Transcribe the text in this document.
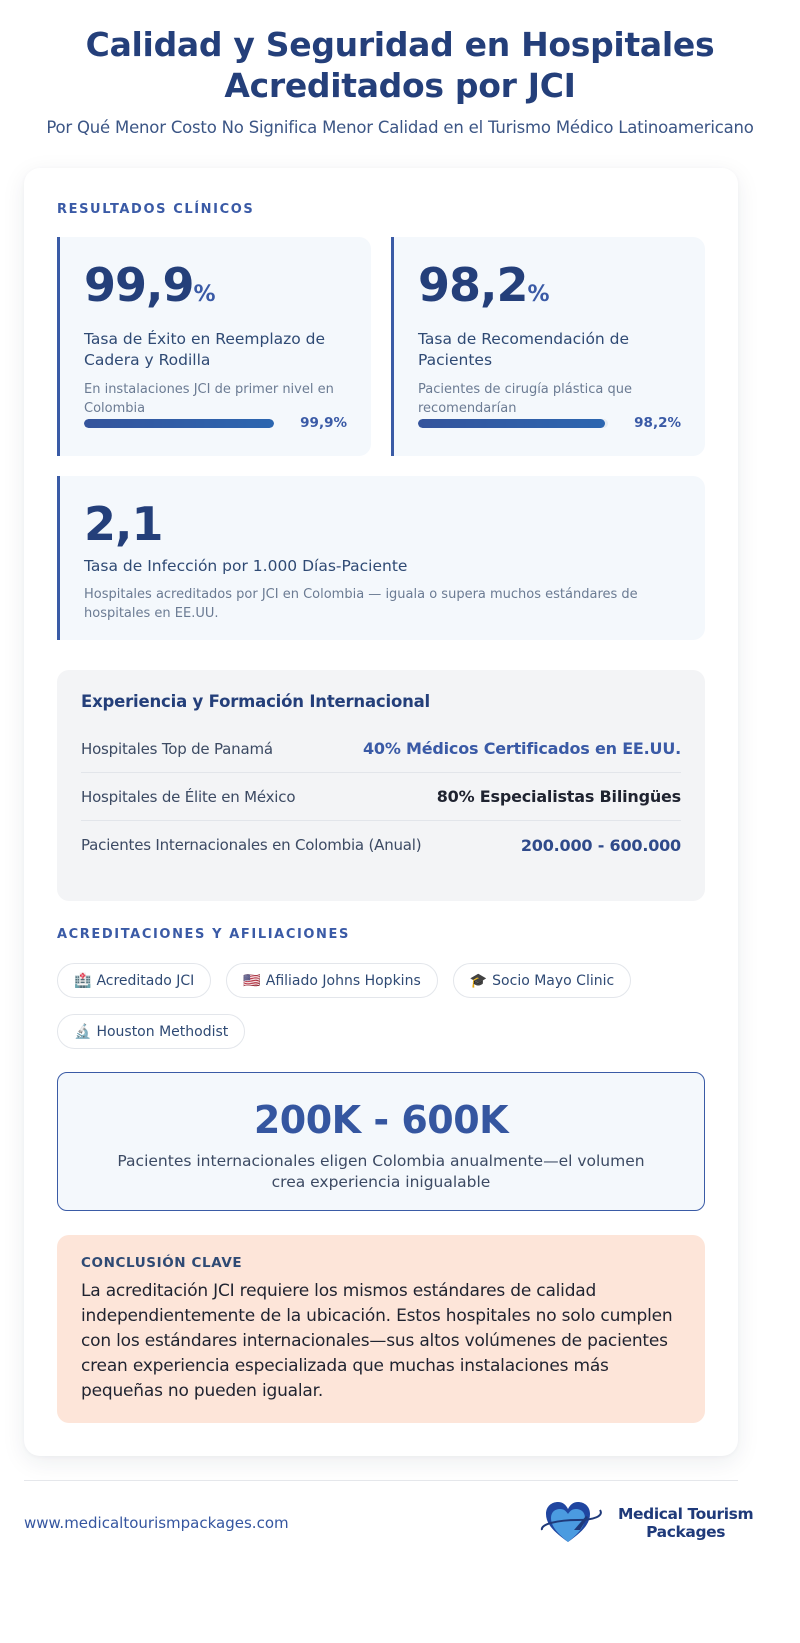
Calidad y Seguridad en Hospitales
Acreditados por JCI
Por Qué Menor Costo No Significa Menor Calidad en el Turismo Médico Latinoamericano
RESULTADOS CLÍNICOS
99,9%
Tasa de Éxito en Reemplazo de Cadera y Rodilla
En instalaciones JCI de primer nivel en Colombia
99,9%
98,2%
Tasa de Recomendación de Pacientes
Pacientes de cirugía plástica que recomendarían
98,2%
2,1
Tasa de Infección por 1.000 Días-Paciente
Hospitales acreditados por JCI en Colombia — iguala o supera muchos estándares de hospitales en EE.UU.
Experiencia y Formación Internacional
Hospitales Top de Panamá	40% Médicos Certificados en EE.UU.
Hospitales de Élite en México	80% Especialistas Bilingües
Pacientes Internacionales en Colombia (Anual)	200.000 - 600.000
ACREDITACIONES Y AFILIACIONES
🏥 Acreditado JCI	🇺🇸 Afiliado Johns Hopkins	🎓 Socio Mayo Clinic
🔬 Houston Methodist
200K - 600K
Pacientes internacionales eligen Colombia anualmente—el volumen crea experiencia inigualable
CONCLUSIÓN CLAVE
La acreditación JCI requiere los mismos estándares de calidad independientemente de la ubicación. Estos hospitales no solo cumplen con los estándares internacionales—sus altos volúmenes de pacientes crean experiencia especializada que muchas instalaciones más pequeñas no pueden igualar.
www.medicaltourismpackages.com	Medical Tourism
Packages
